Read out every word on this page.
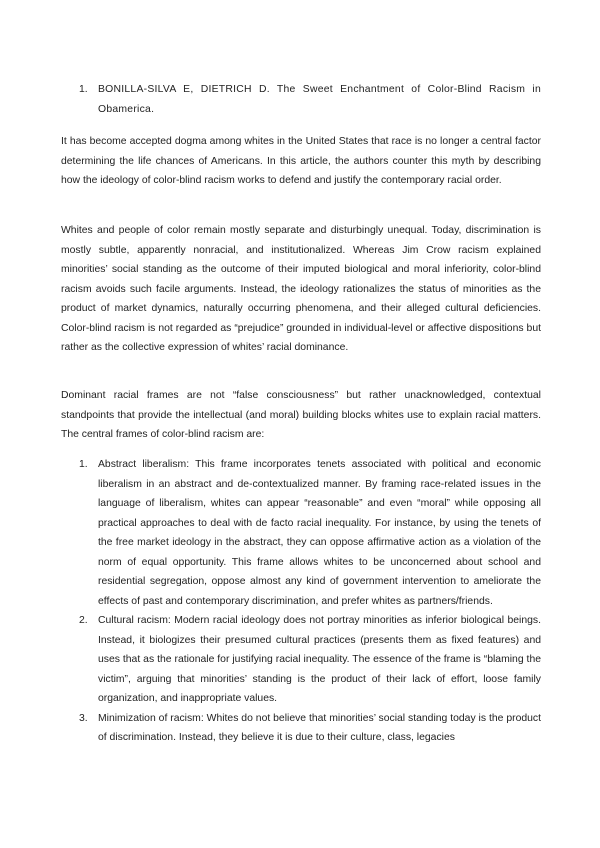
1. BONILLA-SILVA E, DIETRICH D. The Sweet Enchantment of Color-Blind Racism in Obamerica.

It has become accepted dogma among whites in the United States that race is no longer a central factor determining the life chances of Americans. In this article, the authors counter this myth by describing how the ideology of color-blind racism works to defend and justify the contemporary racial order.

Whites and people of color remain mostly separate and disturbingly unequal. Today, discrimination is mostly subtle, apparently nonracial, and institutionalized. Whereas Jim Crow racism explained minorities’ social standing as the outcome of their imputed biological and moral inferiority, color-blind racism avoids such facile arguments. Instead, the ideology rationalizes the status of minorities as the product of market dynamics, naturally occurring phenomena, and their alleged cultural deficiencies. Color-blind racism is not regarded as “prejudice” grounded in individual-level or affective dispositions but rather as the collective expression of whites’ racial dominance.

Dominant racial frames are not “false consciousness” but rather unacknowledged, contextual standpoints that provide the intellectual (and moral) building blocks whites use to explain racial matters. The central frames of color-blind racism are:

1. Abstract liberalism: This frame incorporates tenets associated with political and economic liberalism in an abstract and de-contextualized manner. By framing race-related issues in the language of liberalism, whites can appear “reasonable” and even “moral” while opposing all practical approaches to deal with de facto racial inequality. For instance, by using the tenets of the free market ideology in the abstract, they can oppose affirmative action as a violation of the norm of equal opportunity. This frame allows whites to be unconcerned about school and residential segregation, oppose almost any kind of government intervention to ameliorate the effects of past and contemporary discrimination, and prefer whites as partners/friends.
2. Cultural racism: Modern racial ideology does not portray minorities as inferior biological beings. Instead, it biologizes their presumed cultural practices (presents them as fixed features) and uses that as the rationale for justifying racial inequality. The essence of the frame is “blaming the victim”, arguing that minorities’ standing is the product of their lack of effort, loose family organization, and inappropriate values.
3. Minimization of racism: Whites do not believe that minorities’ social standing today is the product of discrimination. Instead, they believe it is due to their culture, class, legacies
